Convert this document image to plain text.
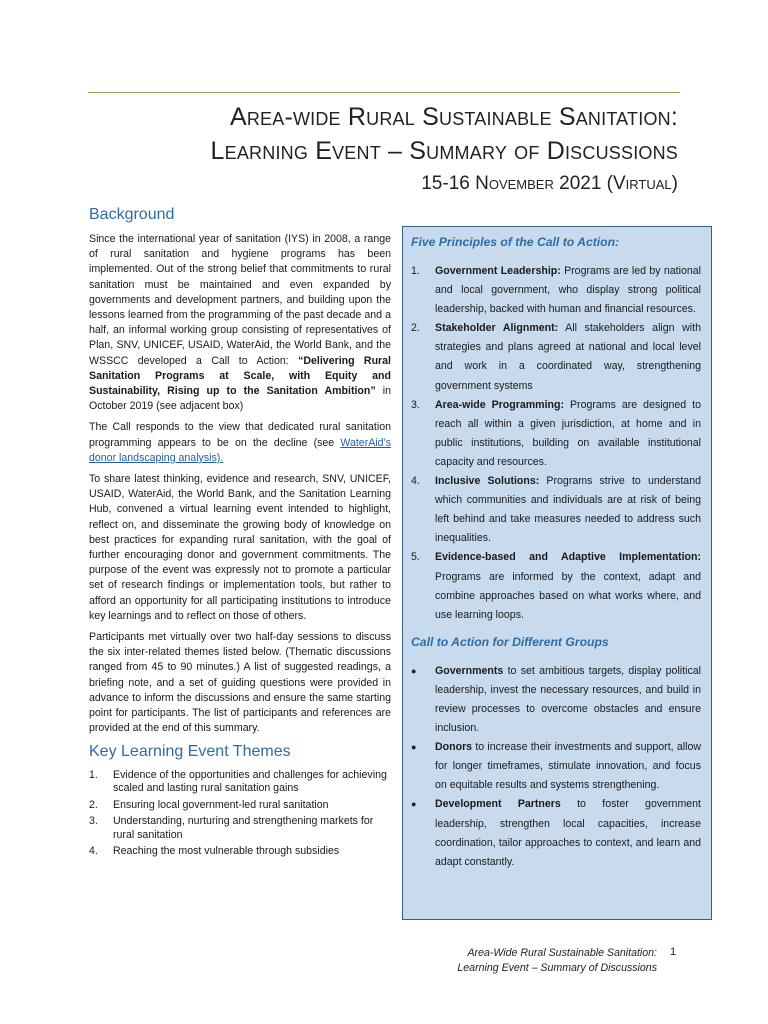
Area-wide Rural Sustainable Sanitation:
Learning Event – Summary of Discussions
15-16 November 2021 (Virtual)
Background

Since the international year of sanitation (IYS) in 2008, a range of rural sanitation and hygiene programs has been implemented. Out of the strong belief that commitments to rural sanitation must be maintained and even expanded by governments and development partners, and building upon the lessons learned from the programming of the past decade and a half, an informal working group consisting of representatives of Plan, SNV, UNICEF, USAID, WaterAid, the World Bank, and the WSSCC developed a Call to Action: “Delivering Rural Sanitation Programs at Scale, with Equity and Sustainability, Rising up to the Sanitation Ambition” in October 2019 (see adjacent box)

The Call responds to the view that dedicated rural sanitation programming appears to be on the decline (see WaterAid’s donor landscaping analysis).

To share latest thinking, evidence and research, SNV, UNICEF, USAID, WaterAid, the World Bank, and the Sanitation Learning Hub, convened a virtual learning event intended to highlight, reflect on, and disseminate the growing body of knowledge on best practices for expanding rural sanitation, with the goal of further encouraging donor and government commitments. The purpose of the event was expressly not to promote a particular set of research findings or implementation tools, but rather to afford an opportunity for all participating institutions to introduce key learnings and to reflect on those of others.

Participants met virtually over two half-day sessions to discuss the six inter-related themes listed below. (Thematic discussions ranged from 45 to 90 minutes.) A list of suggested readings, a briefing note, and a set of guiding questions were provided in advance to inform the discussions and ensure the same starting point for participants. The list of participants and references are provided at the end of this summary.

Key Learning Event Themes
1.	Evidence of the opportunities and challenges for achieving scaled and lasting rural sanitation gains
2.	Ensuring local government-led rural sanitation
3.	Understanding, nurturing and strengthening markets for rural sanitation
4.	Reaching the most vulnerable through subsidies
Five Principles of the Call to Action:
1.	Government Leadership: Programs are led by national and local government, who display strong political leadership, backed with human and financial resources.
2.	Stakeholder Alignment: All stakeholders align with strategies and plans agreed at national and local level and work in a coordinated way, strengthening government systems
3.	Area-wide Programming: Programs are designed to reach all within a given jurisdiction, at home and in public institutions, building on available institutional capacity and resources.
4.	Inclusive Solutions: Programs strive to understand which communities and individuals are at risk of being left behind and take measures needed to address such inequalities.
5.	Evidence-based and Adaptive Implementation: Programs are informed by the context, adapt and combine approaches based on what works where, and use learning loops.
Call to Action for Different Groups
●	Governments to set ambitious targets, display political leadership, invest the necessary resources, and build in review processes to overcome obstacles and ensure inclusion.
●	Donors to increase their investments and support, allow for longer timeframes, stimulate innovation, and focus on equitable results and systems strengthening.
●	Development Partners to foster government leadership, strengthen local capacities, increase coordination, tailor approaches to context, and learn and adapt constantly.
Area-Wide Rural Sustainable Sanitation:
Learning Event – Summary of Discussions
1
